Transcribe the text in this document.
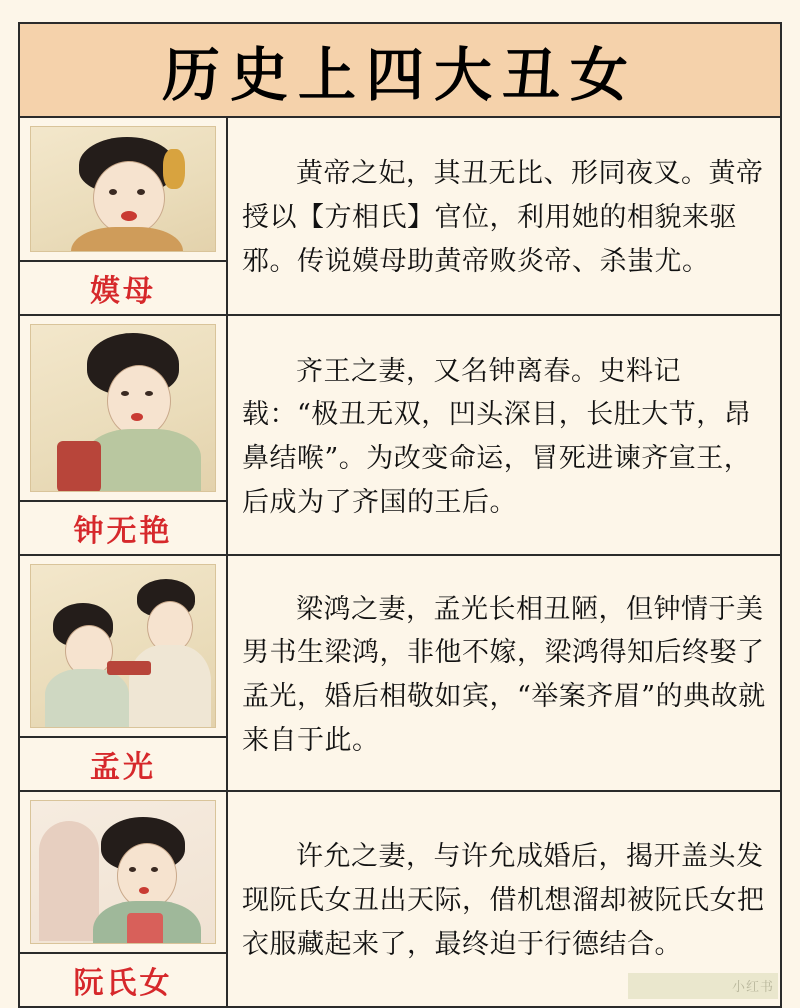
历史上四大丑女
嫫母
黄帝之妃，其丑无比、形同夜叉。黄帝授以【方相氏】官位，利用她的相貌来驱邪。传说嫫母助黄帝败炎帝、杀蚩尤。
钟无艳
齐王之妻，又名钟离春。史料记载：“极丑无双，凹头深目，长肚大节，昂鼻结喉”。为改变命运，冒死进谏齐宣王，后成为了齐国的王后。
孟光
梁鸿之妻，孟光长相丑陋，但钟情于美男书生梁鸿，非他不嫁，梁鸿得知后终娶了孟光，婚后相敬如宾，“举案齐眉”的典故就来自于此。
阮氏女
许允之妻，与许允成婚后，揭开盖头发现阮氏女丑出天际，借机想溜却被阮氏女把衣服藏起来了，最终迫于行德结合。
小红书
